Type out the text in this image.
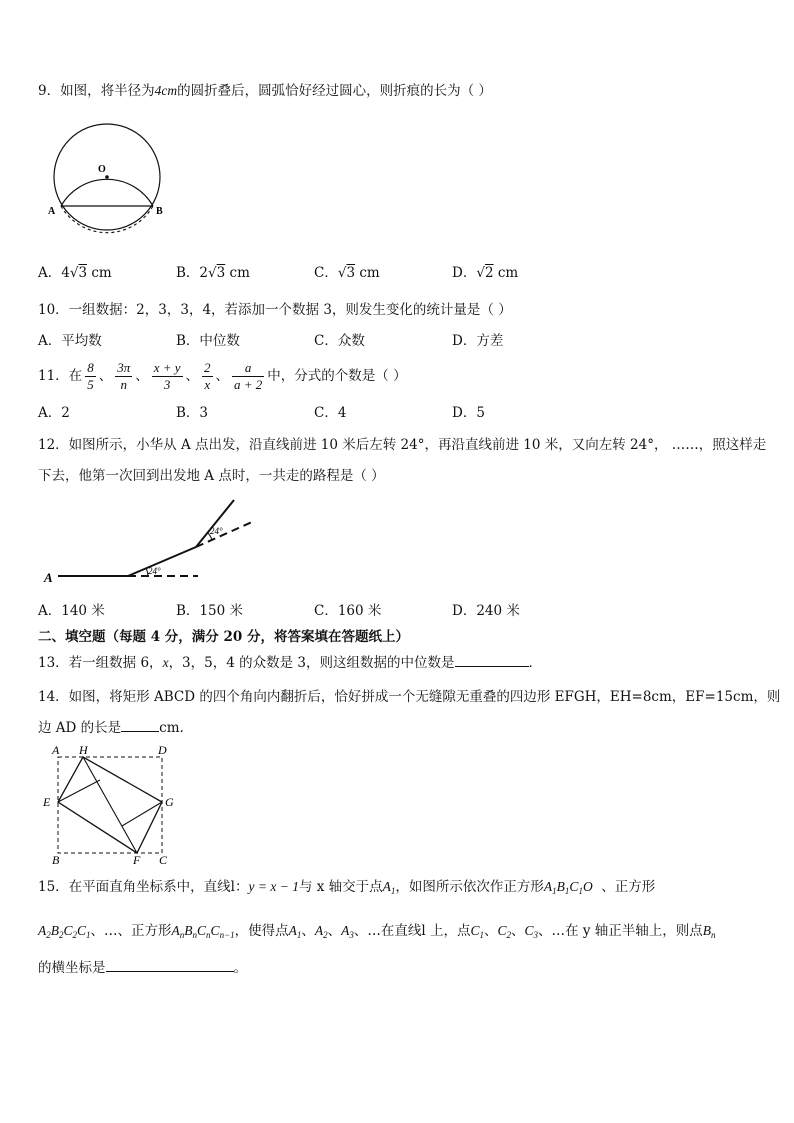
9．如图，将半径为4cm的圆折叠后，圆弧恰好经过圆心，则折痕的长为（ ）
O
A	B
A．4√3 cm	B．2√3 cm	C．√3 cm	D．√2 cm
10．一组数据：2，3，3，4，若添加一个数据 3，则发生变化的统计量是（ ）
A．平均数	B．中位数	C．众数	D．方差
11．在 $\frac{8}{5}$ 、 $\frac{3\pi}{n}$ 、 $\frac{x + y}{3}$ 、 $\frac{2}{x}$ 、 $\frac{a}{a + 2}$ 中，分式的个数是（ ）
A．2	B．3	C．4	D．5
12．如图所示，小华从 A 点出发，沿直线前进 10 米后左转 24°，再沿直线前进 10 米，又向左转 24°， ……，照这样走
下去，他第一次回到出发地 A 点时，一共走的路程是（ ）
24°
24°
A
A．140 米	B．150 米	C．160 米	D．240 米
二、填空题（每题 4 分，满分 20 分，将答案填在答题纸上）
13．若一组数据 6，x，3，5，4 的众数是 3，则这组数据的中位数是	．
14．如图，将矩形 ABCD 的四个角向内翻折后，恰好拼成一个无缝隙无重叠的四边形 EFGH，EH=8cm，EF=15cm，则
边 AD 的长是	cm.
A H	D
E	G
B	F C
15．在平面直角坐标系中，直线l：y = x − 1与 x 轴交于点$A_1$，如图所示依次作正方形$A_1B_1C_1O$ 、正方形
$A_2B_2C_2C_1$、…、正方形$A_nB_nC_nC_{n-1}$，使得点$A_1$、$A_2$、$A_3$、…在直线l 上，点$C_1$、$C_2$、$C_3$、…在 y 轴正半轴上，则点$B_n$
的横坐标是	。
